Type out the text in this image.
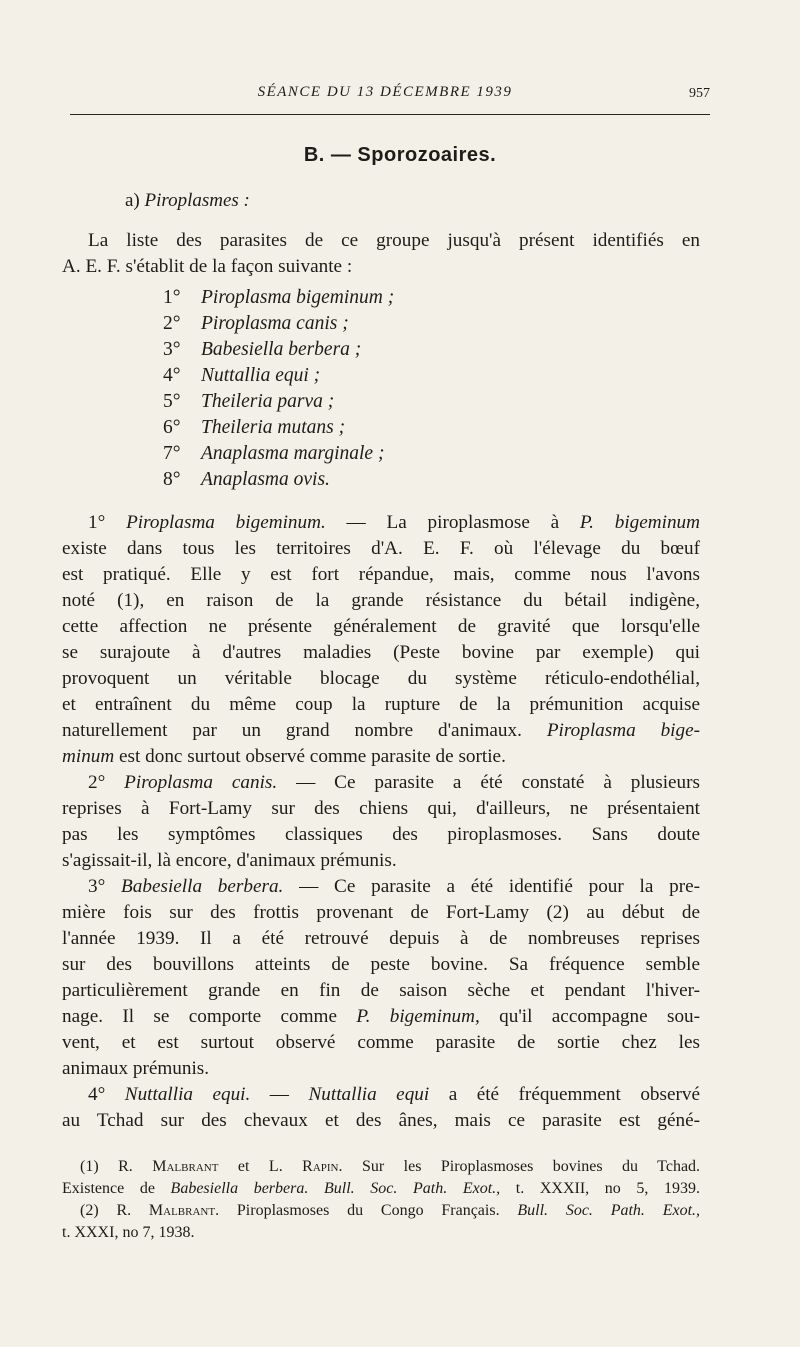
SÉANCE DU 13 DÉCEMBRE 1939	957
B. — Sporozoaires.
a) Piroplasmes :
La liste des parasites de ce groupe jusqu'à présent identifiés en
A. E. F. s'établit de la façon suivante :
1° Piroplasma bigeminum ;
2° Piroplasma canis ;
3° Babesiella berbera ;
4° Nuttallia equi ;
5° Theileria parva ;
6° Theileria mutans ;
7° Anaplasma marginale ;
8° Anaplasma ovis.
1° Piroplasma bigeminum. — La piroplasmose à P. bigeminum
existe dans tous les territoires d'A. E. F. où l'élevage du bœuf
est pratiqué. Elle y est fort répandue, mais, comme nous l'avons
noté (1), en raison de la grande résistance du bétail indigène,
cette affection ne présente généralement de gravité que lorsqu'elle
se surajoute à d'autres maladies (Peste bovine par exemple) qui
provoquent un véritable blocage du système réticulo-endothélial,
et entraînent du même coup la rupture de la prémunition acquise
naturellement par un grand nombre d'animaux. Piroplasma bige-
minum est donc surtout observé comme parasite de sortie.
2° Piroplasma canis. — Ce parasite a été constaté à plusieurs
reprises à Fort-Lamy sur des chiens qui, d'ailleurs, ne présentaient
pas les symptômes classiques des piroplasmoses. Sans doute
s'agissait-il, là encore, d'animaux prémunis.
3° Babesiella berbera. — Ce parasite a été identifié pour la pre-
mière fois sur des frottis provenant de Fort-Lamy (2) au début de
l'année 1939. Il a été retrouvé depuis à de nombreuses reprises
sur des bouvillons atteints de peste bovine. Sa fréquence semble
particulièrement grande en fin de saison sèche et pendant l'hiver-
nage. Il se comporte comme P. bigeminum, qu'il accompagne sou-
vent, et est surtout observé comme parasite de sortie chez les
animaux prémunis.
4° Nuttallia equi. — Nuttallia equi a été fréquemment observé
au Tchad sur des chevaux et des ânes, mais ce parasite est géné-
(1) R. Malbrant et L. Rapin. Sur les Piroplasmoses bovines du Tchad.
Existence de Babesiella berbera. Bull. Soc. Path. Exot., t. XXXII, no 5, 1939.
(2) R. Malbrant. Piroplasmoses du Congo Français. Bull. Soc. Path. Exot.,
t. XXXI, no 7, 1938.
